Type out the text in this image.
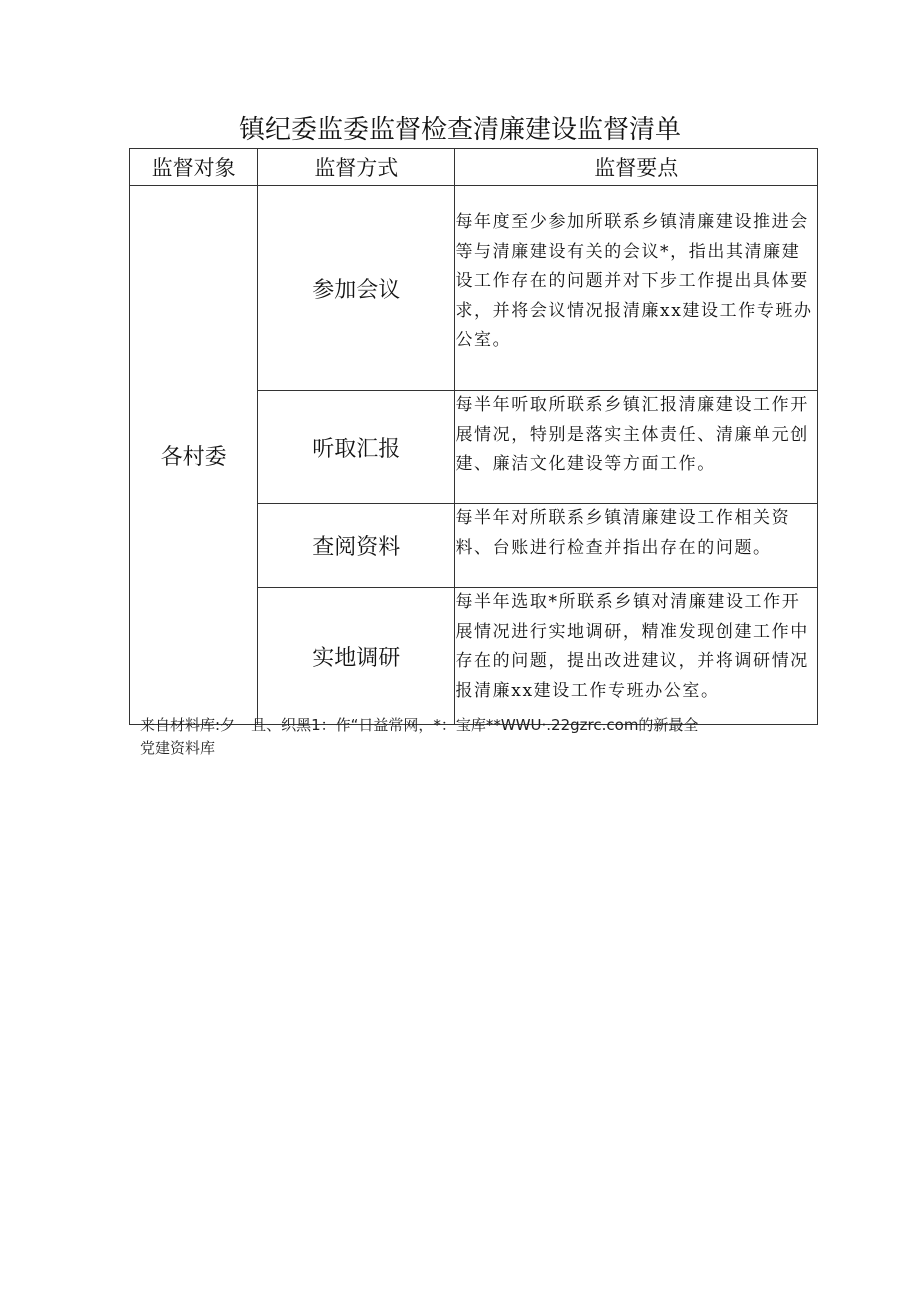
镇纪委监委监督检查清廉建设监督清单
监督对象	监督方式	监督要点
各村委	参加会议	每年度至少参加所联系乡镇清廉建设推进会等与清廉建设有关的会议*，指出其清廉建设工作存在的问题并对下步工作提出具体要求，并将会议情况报清廉xx建设工作专班办公室。
	听取汇报	每半年听取所联系乡镇汇报清廉建设工作开展情况，特别是落实主体责任、清廉单元创建、廉洁文化建设等方面工作。
	查阅资料	每半年对所联系乡镇清廉建设工作相关资料、台账进行检查并指出存在的问题。
	实地调研	每半年选取*所联系乡镇对清廉建设工作开展情况进行实地调研，精准发现创建工作中存在的问题，提出改进建议，并将调研情况报清廉xx建设工作专班办公室。
来自材料库:夕 且、织黑1：作“日益常网，*：宝库**WWU·.22gzrc.com的新最全
党建资料库
